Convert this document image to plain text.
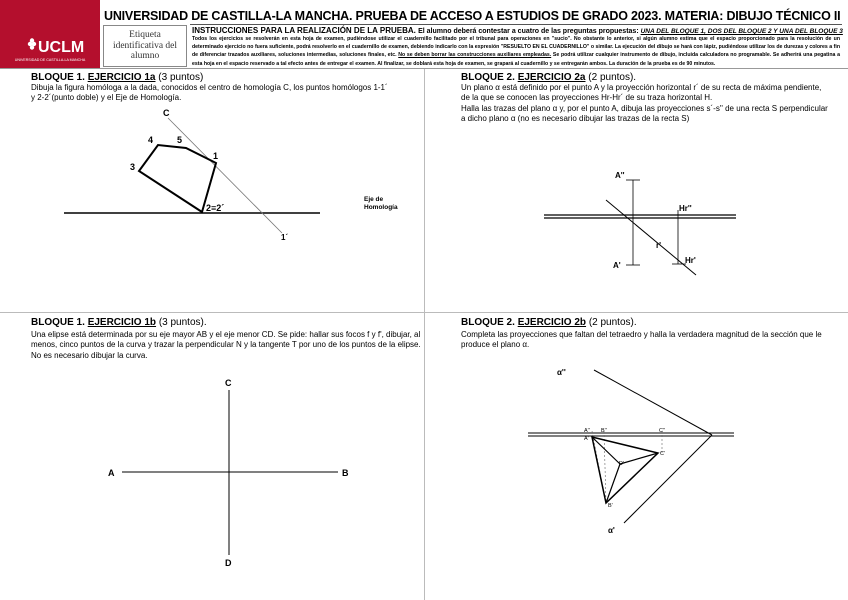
UCLM
UNIVERSIDAD DE CASTILLA-LA MANCHA
UNIVERSIDAD DE CASTILLA-LA MANCHA. PRUEBA DE ACCESO A ESTUDIOS DE GRADO 2023. MATERIA: DIBUJO TÉCNICO II
Etiqueta identificativa del alumno
INSTRUCCIONES PARA LA REALIZACIÓN DE LA PRUEBA. El alumno deberá contestar a cuatro de las preguntas propuestas: UNA DEL BLOQUE 1, DOS DEL BLOQUE 2 Y UNA DEL BLOQUE 3
Todos los ejercicios se resolverán en esta hoja de examen, pudiéndose utilizar el cuadernillo facilitado por el tribunal para operaciones en "sucio". No obstante lo anterior, si algún alumno estima que el espacio proporcionado para la resolución de un determinado ejercicio no fuera suficiente, podrá resolverlo en el cuadernillo de examen, debiendo indicarlo con la expresión "RESUELTO EN EL CUADERNILLO" o similar. La ejecución del dibujo se hará con lápiz, pudiéndose utilizar los de durezas y colores a fin de diferenciar trazados auxiliares, soluciones intermedias, soluciones finales, etc. No se deben borrar las construcciones auxiliares empleadas. Se podrá utilizar cualquier instrumento de dibujo, incluida calculadora no programable. Se adherirá una pegatina a esta hoja en el espacio reservado a tal efecto antes de entregar el examen. Al finalizar, se doblará esta hoja de examen, se grapará al cuadernillo y se entregarán ambos. La duración de la prueba es de 90 minutos.
BLOQUE 1. EJERCICIO 1a (3 puntos)
Dibuja la figura homóloga a la dada, conocidos el centro de homología C, los puntos homólogos 1-1´ y 2-2´(punto doble) y el Eje de Homología.
C
1
2≡2´
3
4	5
1´
Eje de
Homología
BLOQUE 2. EJERCICIO 2a (2 puntos).
Un plano α está definido por el punto A y la proyección horizontal r´ de su recta de máxima pendiente, de la que se conocen las proyecciones Hr-Hr´ de su traza horizontal H.
Halla las trazas del plano α y, por el punto A, dibuja las proyecciones s´-s'' de una recta S perpendicular a dicho plano α (no es necesario dibujar las trazas de la recta S)
A''
A'
Hr''
Hr'
r'
BLOQUE 1. EJERCICIO 1b (3 puntos).
Una elipse está determinada por su eje mayor AB y el eje menor CD. Se pide: hallar sus focos f y f', dibujar, al menos, cinco puntos de la curva y trazar la perpendicular N y la tangente T por uno de los puntos de la elipse. No es necesario dibujar la curva.
A	B
C
D
BLOQUE 2. EJERCICIO 2b (2 puntos).
Completa las proyecciones que faltan del tetraedro y halla la verdadera magnitud de la sección que le produce el plano α.
α''
α'
A'' B''	C''
A'
B'
C'
D'
